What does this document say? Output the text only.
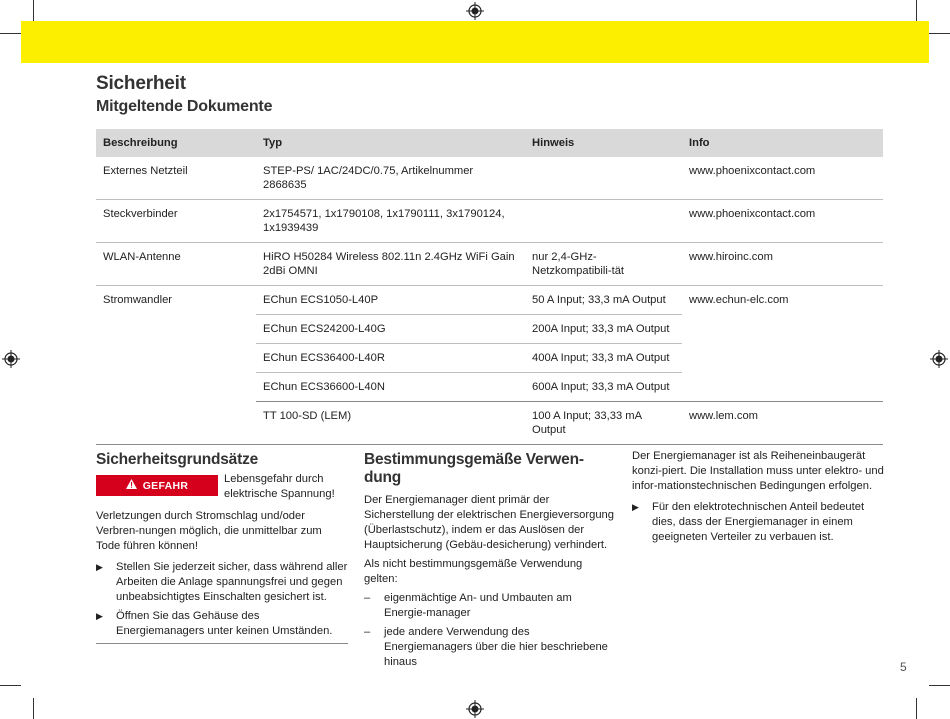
Sicherheit
Mitgeltende Dokumente
Beschreibung	Typ	Hinweis	Info
Externes Netzteil	STEP-PS/ 1AC/24DC/0.75, Artikelnummer 2868635		www.phoenixcontact.com
Steckverbinder	2x1754571, 1x1790108, 1x1790111, 3x1790124, 1x1939439		www.phoenixcontact.com
WLAN-Antenne	HiRO H50284 Wireless 802.11n 2.4GHz WiFi Gain 2dBi OMNI	nur 2,4-GHz-Netzkompatibili-tät	www.hiroinc.com
Stromwandler	EChun ECS1050-L40P	50 A Input; 33,3 mA Output	www.echun-elc.com
	EChun ECS24200-L40G	200A Input; 33,3 mA Output	
	EChun ECS36400-L40R	400A Input; 33,3 mA Output	
	EChun ECS36600-L40N	600A Input; 33,3 mA Output	
	TT 100-SD (LEM)	100 A Input; 33,33 mA Output	www.lem.com
Sicherheitsgrundsätze
GEFAHR
Lebensgefahr durch elektrische Spannung!

Verletzungen durch Stromschlag und/oder Verbren-nungen möglich, die unmittelbar zum Tode führen können!

▶ Stellen Sie jederzeit sicher, dass während aller Arbeiten die Anlage spannungsfrei und gegen unbeabsichtigtes Einschalten gesichert ist.
▶ Öffnen Sie das Gehäuse des Energiemanagers unter keinen Umständen.
Bestimmungsgemäße Verwen-dung

Der Energiemanager dient primär der Sicherstellung der elektrischen Energieversorgung (Überlastschutz), indem er das Auslösen der Hauptsicherung (Gebäu-desicherung) verhindert.

Als nicht bestimmungsgemäße Verwendung gelten:

– eigenmächtige An- und Umbauten am Energie-manager
– jede andere Verwendung des Energiemanagers über die hier beschriebene hinaus

Der Energiemanager ist als Reiheneinbaugerät konzi-piert. Die Installation muss unter elektro- und infor-mationstechnischen Bedingungen erfolgen.

▶ Für den elektrotechnischen Anteil bedeutet dies, dass der Energiemanager in einem geeigneten Verteiler zu verbauen ist.
5
